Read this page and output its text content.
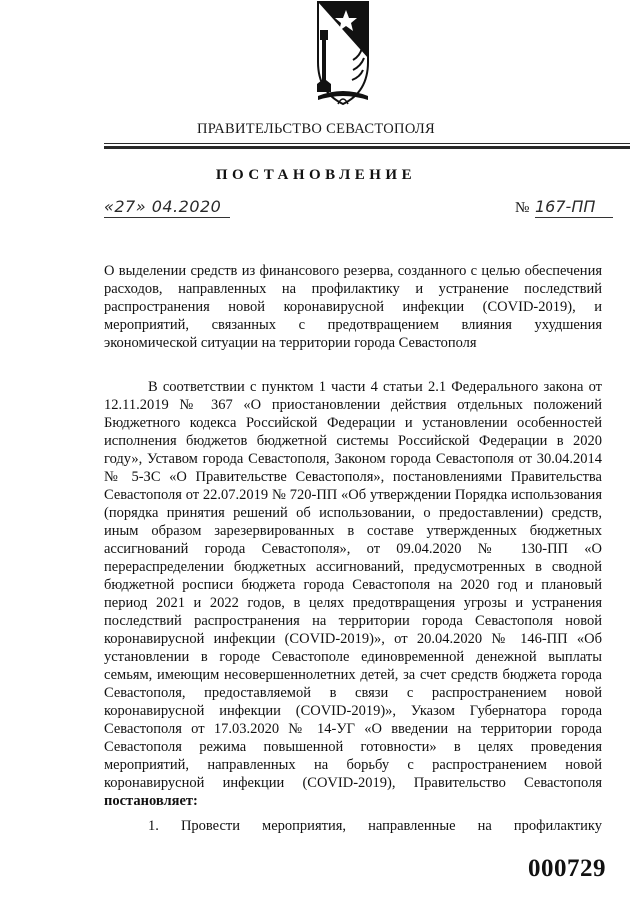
ПРАВИТЕЛЬСТВО СЕВАСТОПОЛЯ
ПОСТАНОВЛЕНИЕ
«27» 04.2020	№ 167-ПП
О выделении средств из финансового резерва, созданного с целью обеспечения расходов, направленных на профилактику и устранение последствий распространения новой коронавирусной инфекции (COVID-2019), и мероприятий, связанных с предотвращением влияния ухудшения экономической ситуации на территории города Севастополя
В соответствии с пунктом 1 части 4 статьи 2.1 Федерального закона от 12.11.2019 № 367 «О приостановлении действия отдельных положений Бюджетного кодекса Российской Федерации и установлении особенностей исполнения бюджетов бюджетной системы Российской Федерации в 2020 году», Уставом города Севастополя, Законом города Севастополя от 30.04.2014 № 5-ЗС «О Правительстве Севастополя», постановлениями Правительства Севастополя от 22.07.2019 № 720-ПП «Об утверждении Порядка использования (порядка принятия решений об использовании, о предоставлении) средств, иным образом зарезервированных в составе утвержденных бюджетных ассигнований города Севастополя», от 09.04.2020 № 130-ПП «О перераспределении бюджетных ассигнований, предусмотренных в сводной бюджетной росписи бюджета города Севастополя на 2020 год и плановый период 2021 и 2022 годов, в целях предотвращения угрозы и устранения последствий распространения на территории города Севастополя новой коронавирусной инфекции (COVID-2019)», от 20.04.2020 № 146-ПП «Об установлении в городе Севастополе единовременной денежной выплаты семьям, имеющим несовершеннолетних детей, за счет средств бюджета города Севастополя, предоставляемой в связи с распространением новой коронавирусной инфекции (COVID-2019)», Указом Губернатора города Севастополя от 17.03.2020 № 14-УГ «О введении на территории города Севастополя режима повышенной готовности» в целях проведения мероприятий, направленных на борьбу с распространением новой коронавирусной инфекции (COVID-2019), Правительство Севастополя постановляет:
1. Провести мероприятия, направленные на профилактику
000729
